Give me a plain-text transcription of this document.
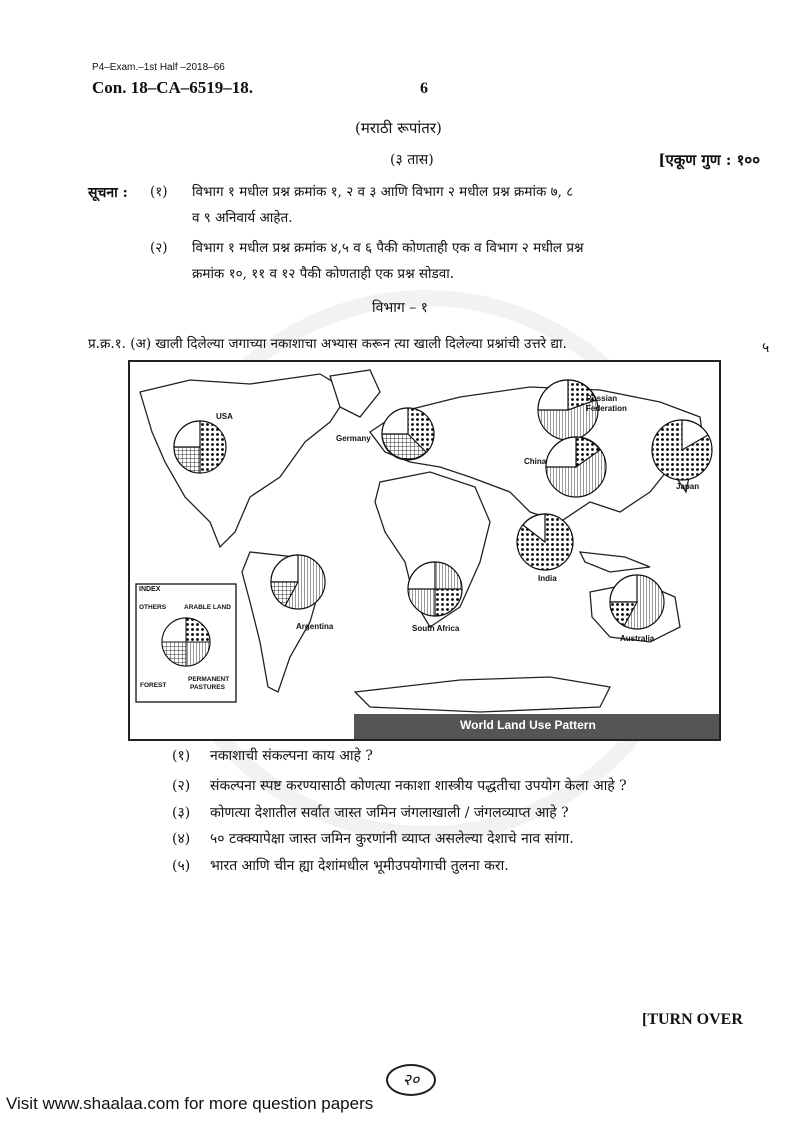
P4–Exam.–1st Half –2018–66
Con. 18–CA–6519–18.	6
(मराठी रूपांतर)
(३ तास)	[एकूण गुण : १००
सूचना : (१) विभाग १ मधील प्रश्न क्रमांक १, २ व ३ आणि विभाग २ मधील प्रश्न क्रमांक ७, ८
व ९ अनिवार्य आहेत.
(२) विभाग १ मधील प्रश्न क्रमांक ४,५ व ६ पैकी कोणताही एक व विभाग २ मधील प्रश्न
क्रमांक १०, ११ व १२ पैकी कोणताही एक प्रश्न सोडवा.
विभाग – १
प्र.क्र.१. (अ) खाली दिलेल्या जगाच्या नकाशाचा अभ्यास करून त्या खाली दिलेल्या प्रश्नांची उत्तरे द्या.	५
USA
Germany
Russian
Federation
China
Japan
India
Argentina	South Africa
Australia
INDEX
OTHERS	ARABLE LAND
FOREST
PERMANENT
PASTURES
World Land Use Pattern
(१) नकाशाची संकल्पना काय आहे ?
(२) संकल्पना स्पष्ट करण्यासाठी कोणत्या नकाशा शास्त्रीय पद्धतीचा उपयोग केला आहे ?
(३) कोणत्या देशातील सर्वात जास्त जमिन जंगलाखाली / जंगलव्याप्त आहे ?
(४) ५० टक्क्यापेक्षा जास्त जमिन कुरणांनी व्याप्त असलेल्या देशाचे नाव सांगा.
(५) भारत आणि चीन ह्या देशांमधील भूमीउपयोगाची तुलना करा.
[TURN OVER
२०
Visit www.shaalaa.com for more question papers
